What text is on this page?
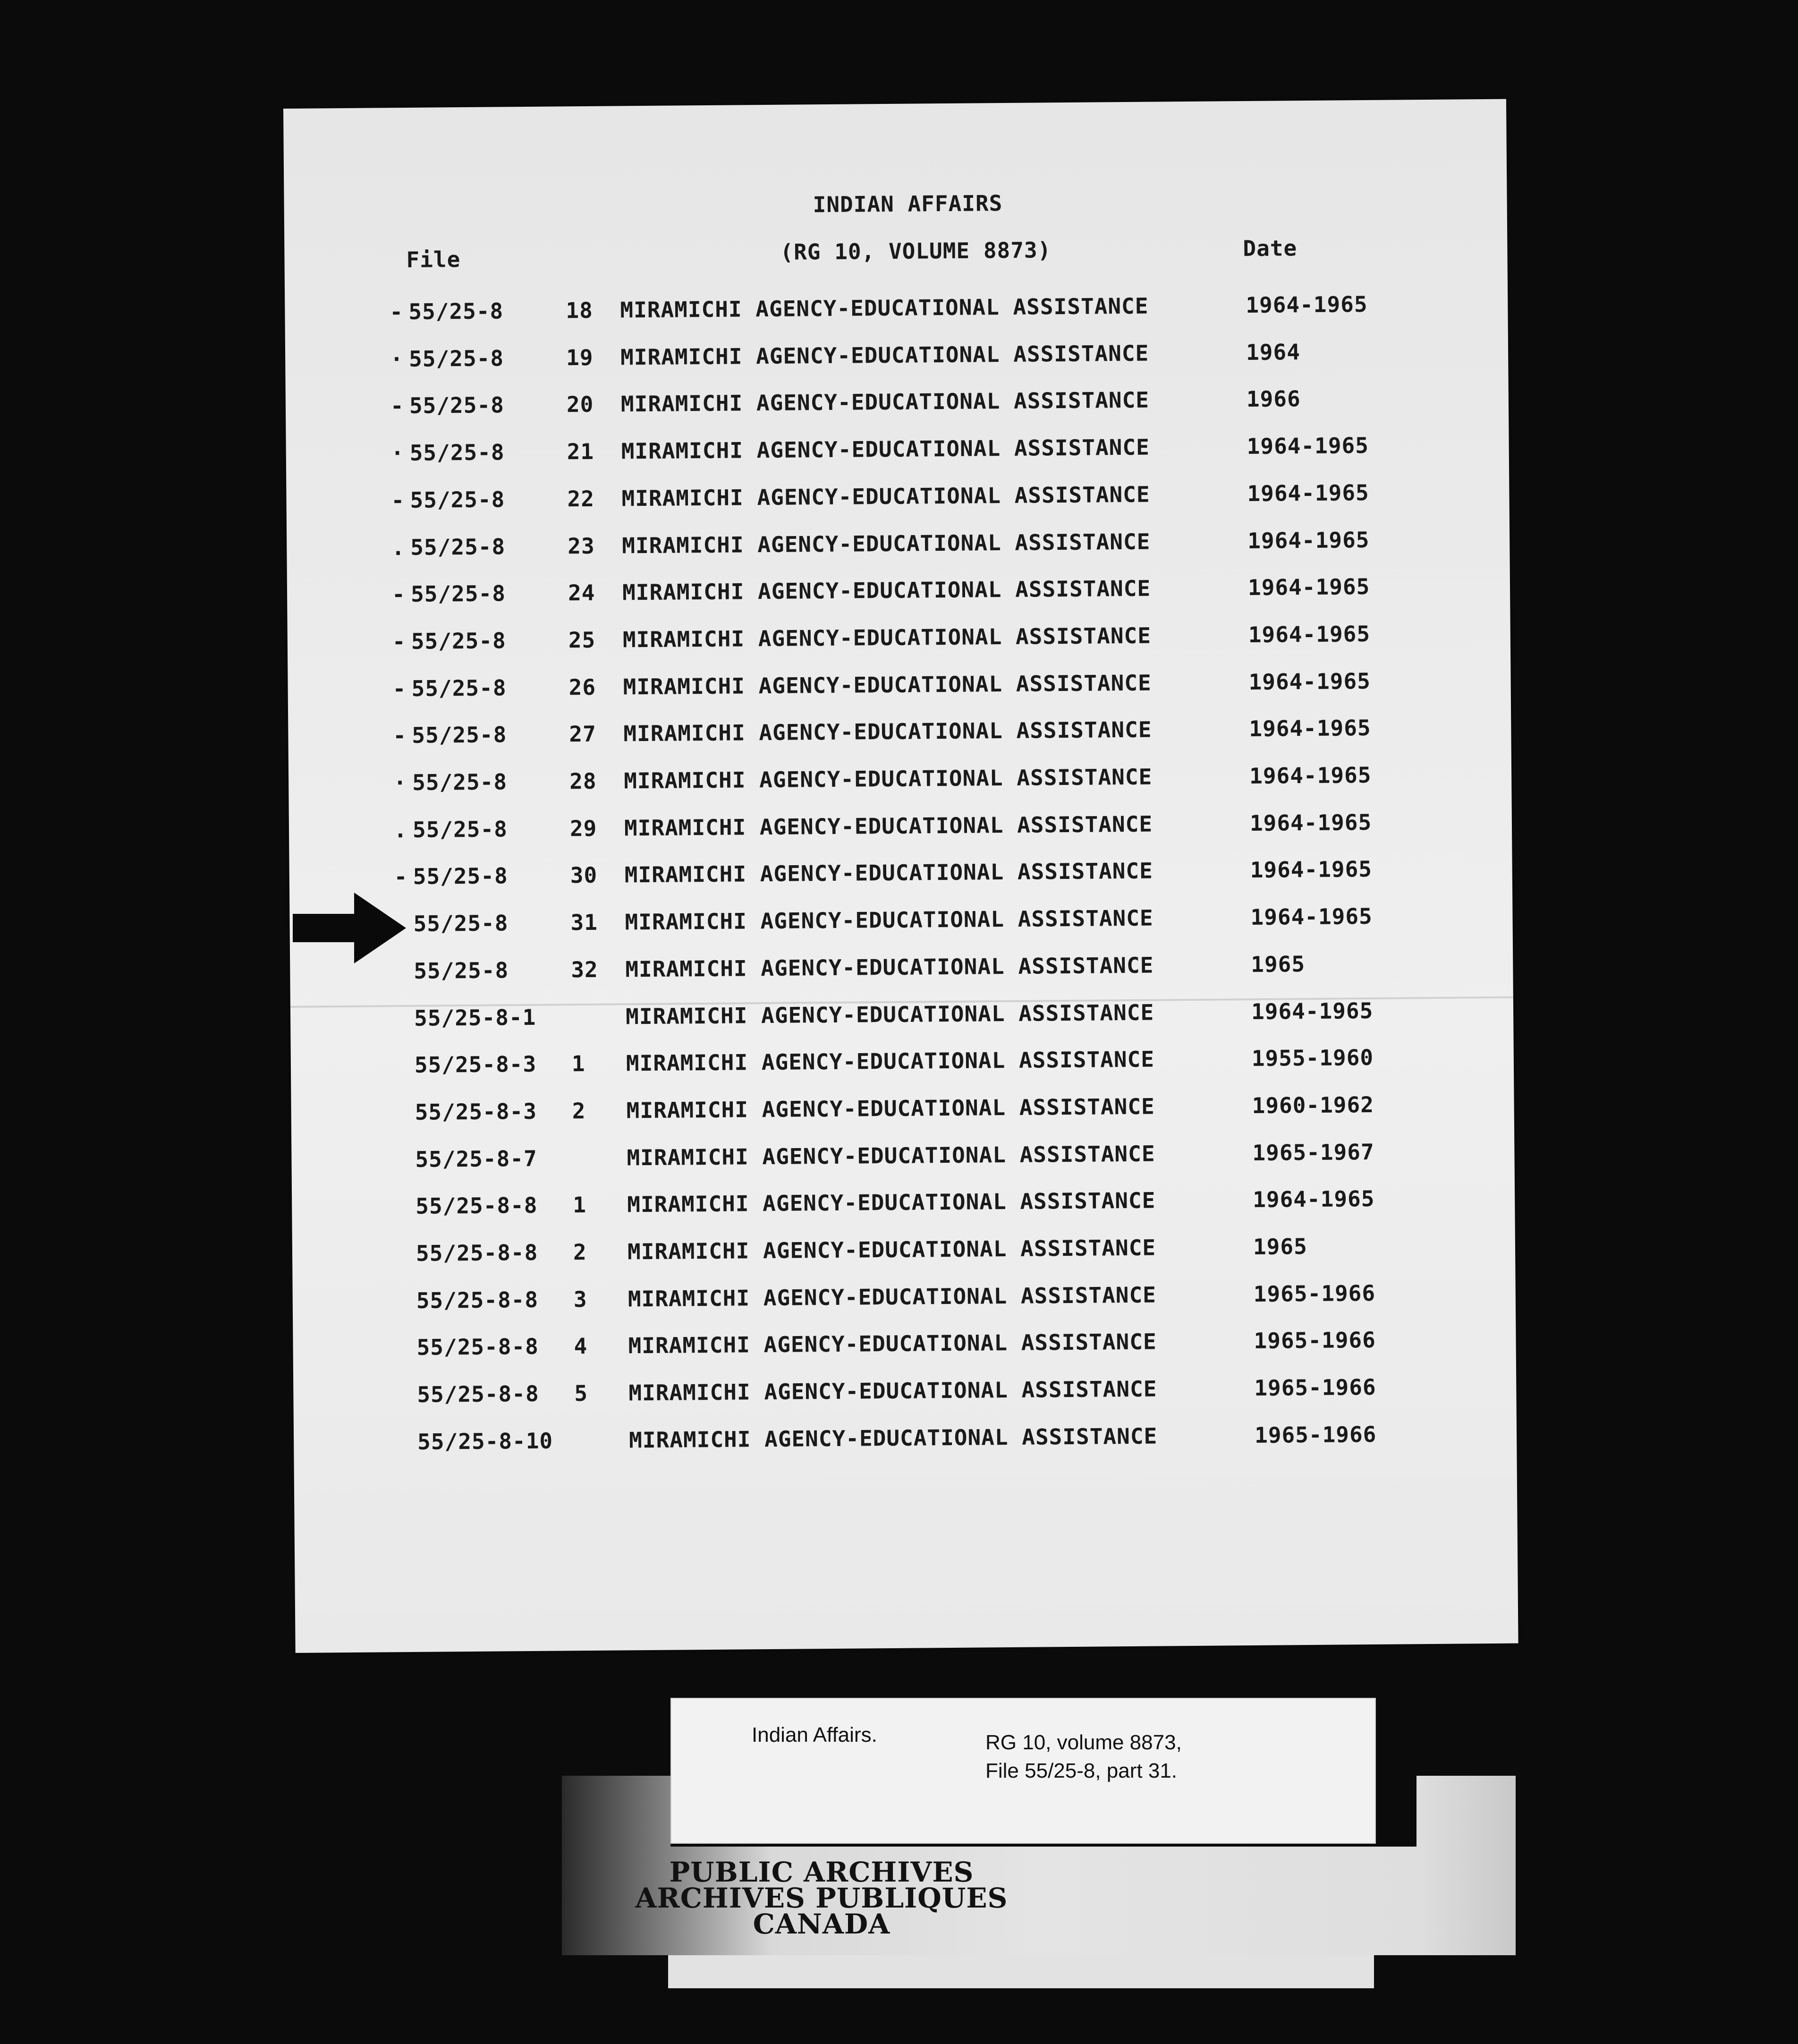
INDIAN AFFAIRS
File	(RG 10, VOLUME 8873)	Date
- 55/25-8	18 MIRAMICHI AGENCY-EDUCATIONAL ASSISTANCE	1964-1965
· 55/25-8	19 MIRAMICHI AGENCY-EDUCATIONAL ASSISTANCE	1964
- 55/25-8	20 MIRAMICHI AGENCY-EDUCATIONAL ASSISTANCE	1966
· 55/25-8	21 MIRAMICHI AGENCY-EDUCATIONAL ASSISTANCE	1964-1965
- 55/25-8	22 MIRAMICHI AGENCY-EDUCATIONAL ASSISTANCE	1964-1965
. 55/25-8	23 MIRAMICHI AGENCY-EDUCATIONAL ASSISTANCE	1964-1965
- 55/25-8	24 MIRAMICHI AGENCY-EDUCATIONAL ASSISTANCE	1964-1965
- 55/25-8	25 MIRAMICHI AGENCY-EDUCATIONAL ASSISTANCE	1964-1965
- 55/25-8	26 MIRAMICHI AGENCY-EDUCATIONAL ASSISTANCE	1964-1965
- 55/25-8	27 MIRAMICHI AGENCY-EDUCATIONAL ASSISTANCE	1964-1965
· 55/25-8	28 MIRAMICHI AGENCY-EDUCATIONAL ASSISTANCE	1964-1965
. 55/25-8	29 MIRAMICHI AGENCY-EDUCATIONAL ASSISTANCE	1964-1965
- 55/25-8	30 MIRAMICHI AGENCY-EDUCATIONAL ASSISTANCE	1964-1965
55/25-8	31 MIRAMICHI AGENCY-EDUCATIONAL ASSISTANCE	1964-1965
55/25-8	32 MIRAMICHI AGENCY-EDUCATIONAL ASSISTANCE	1965
55/25-8-1	MIRAMICHI AGENCY-EDUCATIONAL ASSISTANCE	1964-1965
55/25-8-3 1 MIRAMICHI AGENCY-EDUCATIONAL ASSISTANCE	1955-1960
55/25-8-3 2 MIRAMICHI AGENCY-EDUCATIONAL ASSISTANCE	1960-1962
55/25-8-7	MIRAMICHI AGENCY-EDUCATIONAL ASSISTANCE	1965-1967
55/25-8-8 1 MIRAMICHI AGENCY-EDUCATIONAL ASSISTANCE	1964-1965
55/25-8-8 2 MIRAMICHI AGENCY-EDUCATIONAL ASSISTANCE	1965
55/25-8-8 3 MIRAMICHI AGENCY-EDUCATIONAL ASSISTANCE	1965-1966
55/25-8-8 4 MIRAMICHI AGENCY-EDUCATIONAL ASSISTANCE	1965-1966
55/25-8-8 5 MIRAMICHI AGENCY-EDUCATIONAL ASSISTANCE	1965-1966
55/25-8-10	MIRAMICHI AGENCY-EDUCATIONAL ASSISTANCE	1965-1966
Indian Affairs.	RG 10, volume 8873,
File 55/25-8, part 31.
PUBLIC ARCHIVES
ARCHIVES PUBLIQUES
CANADA
